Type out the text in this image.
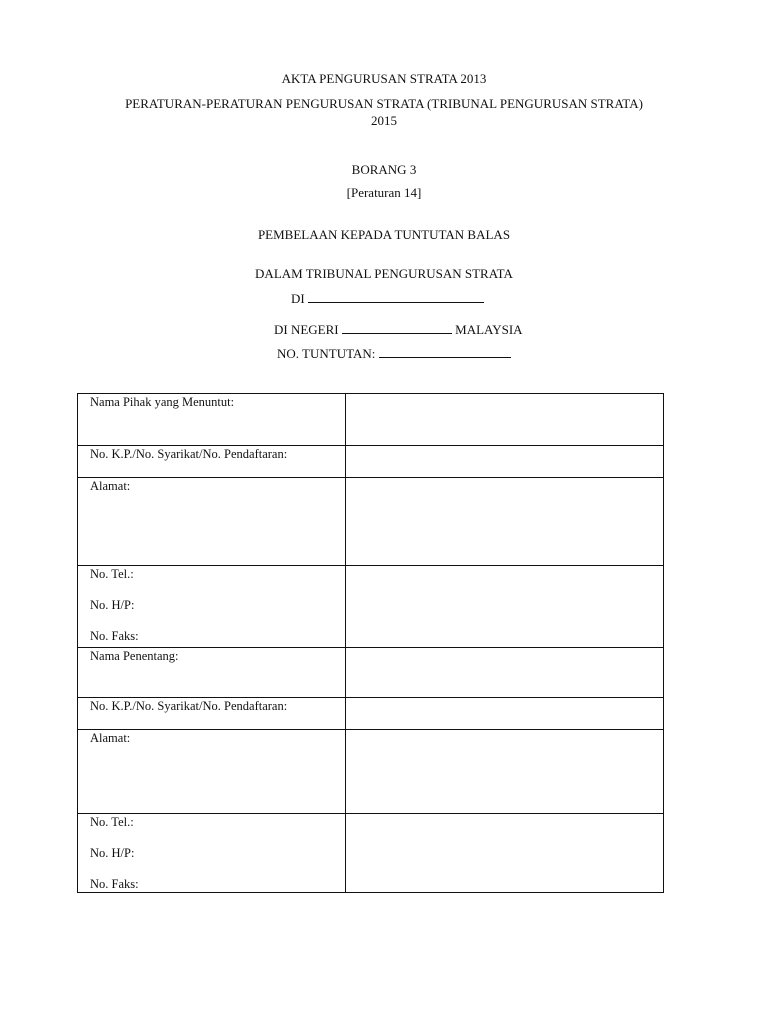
AKTA PENGURUSAN STRATA 2013
PERATURAN-PERATURAN PENGURUSAN STRATA (TRIBUNAL PENGURUSAN STRATA)
2015
BORANG 3
[Peraturan 14]
PEMBELAAN KEPADA TUNTUTAN BALAS
DALAM TRIBUNAL PENGURUSAN STRATA
DI
DI NEGERI	MALAYSIA
NO. TUNTUTAN:
Nama Pihak yang Menuntut:	
No. K.P./No. Syarikat/No. Pendaftaran:	
Alamat:	

No. Tel.:
No. H/P:
No. Faks:	

Nama Penentang:	
No. K.P./No. Syarikat/No. Pendaftaran:	
Alamat:	

No. Tel.:
No. H/P:
No. Faks:	
